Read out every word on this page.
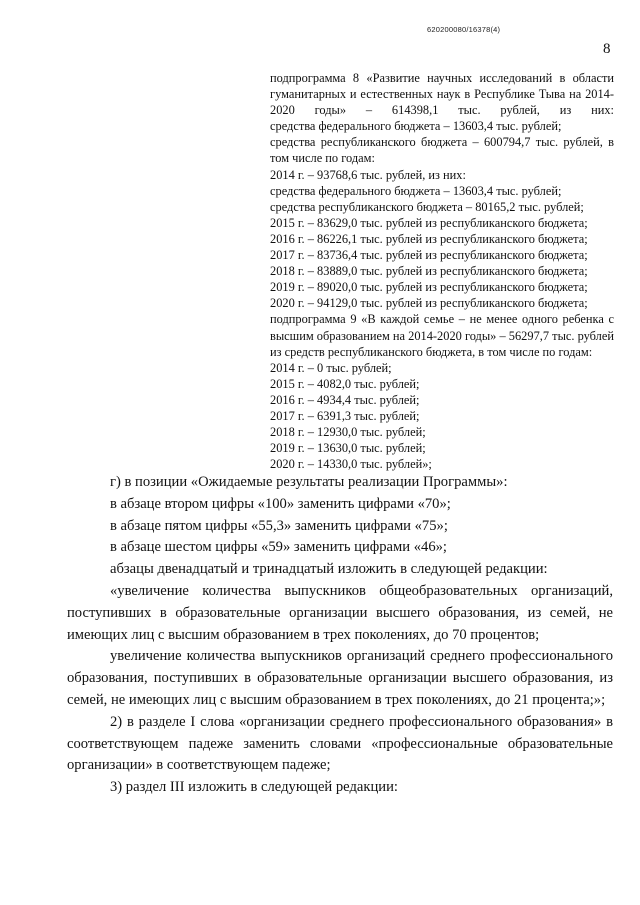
620200080/16378(4)
8

подпрограмма 8 «Развитие научных исследований в области гуманитарных и естественных наук в Республике Тыва на 2014-2020 годы» – 614398,1 тыс. рублей, из них:

средства федерального бюджета – 13603,4 тыс. рублей;

средства республиканского бюджета – 600794,7 тыс. рублей, в том числе по годам:

2014 г. – 93768,6 тыс. рублей, из них:

средства федерального бюджета – 13603,4 тыс. рублей;

средства республиканского бюджета – 80165,2 тыс. рублей;

2015 г. – 83629,0 тыс. рублей из республиканского бюджета;

2016 г. – 86226,1 тыс. рублей из республиканского бюджета;

2017 г. – 83736,4 тыс. рублей из республиканского бюджета;

2018 г. – 83889,0 тыс. рублей из республиканского бюджета;

2019 г. – 89020,0 тыс. рублей из республиканского бюджета;

2020 г. – 94129,0 тыс. рублей из республиканского бюджета;

подпрограмма 9 «В каждой семье – не менее одного ребенка с высшим образованием на 2014-2020 годы» – 56297,7 тыс. рублей из средств республиканского бюджета, в том числе по годам:

2014 г. – 0 тыс. рублей;

2015 г. – 4082,0 тыс. рублей;

2016 г. – 4934,4 тыс. рублей;

2017 г. – 6391,3 тыс. рублей;

2018 г. – 12930,0 тыс. рублей;

2019 г. – 13630,0 тыс. рублей;

2020 г. – 14330,0 тыс. рублей»;

г) в позиции «Ожидаемые результаты реализации Программы»:

в абзаце втором цифры «100» заменить цифрами «70»;

в абзаце пятом цифры «55,3» заменить цифрами «75»;

в абзаце шестом цифры «59» заменить цифрами «46»;

абзацы двенадцатый и тринадцатый изложить в следующей редакции:

«увеличение количества выпускников общеобразовательных организаций, поступивших в образовательные организации высшего образования, из семей, не имеющих лиц с высшим образованием в трех поколениях, до 70 процентов;

увеличение количества выпускников организаций среднего профессионального образования, поступивших в образовательные организации высшего образования, из семей, не имеющих лиц с высшим образованием в трех поколениях, до 21 процента;»;

2) в разделе I слова «организации среднего профессионального образования» в соответствующем падеже заменить словами «профессиональные образовательные организации» в соответствующем падеже;

3) раздел III изложить в следующей редакции:
